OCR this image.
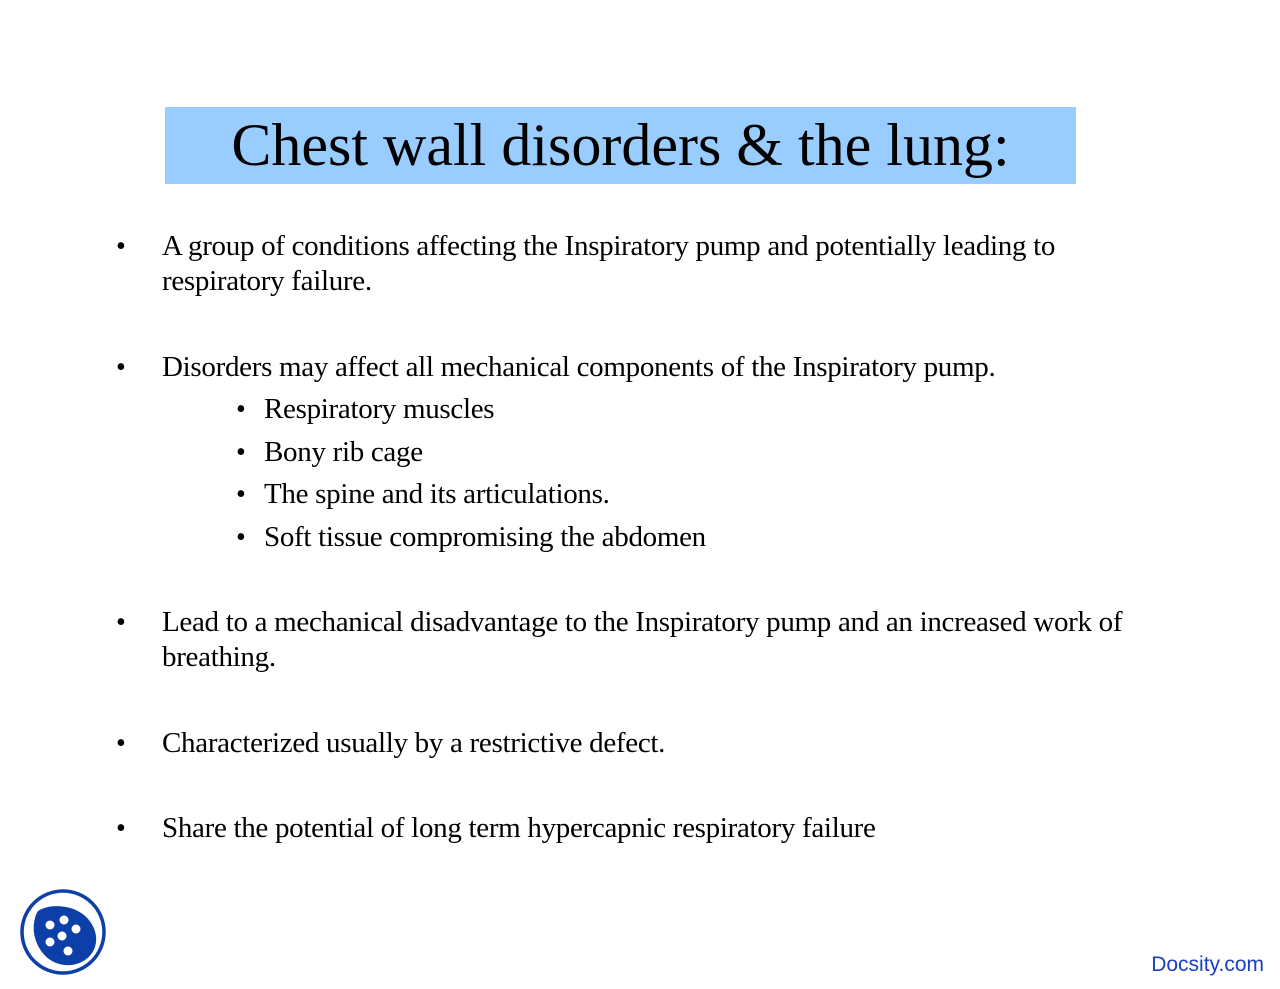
Chest wall disorders & the lung:
• A group of conditions affecting the Inspiratory pump and potentially leading to respiratory failure.
• Disorders may affect all mechanical components of the Inspiratory pump.
• Respiratory muscles
• Bony rib cage
• The spine and its articulations.
• Soft tissue compromising the abdomen
• Lead to a mechanical disadvantage to the Inspiratory pump and an increased work of breathing.
• Characterized usually by a restrictive defect.
• Share the potential of long term hypercapnic respiratory failure
Docsity.com
